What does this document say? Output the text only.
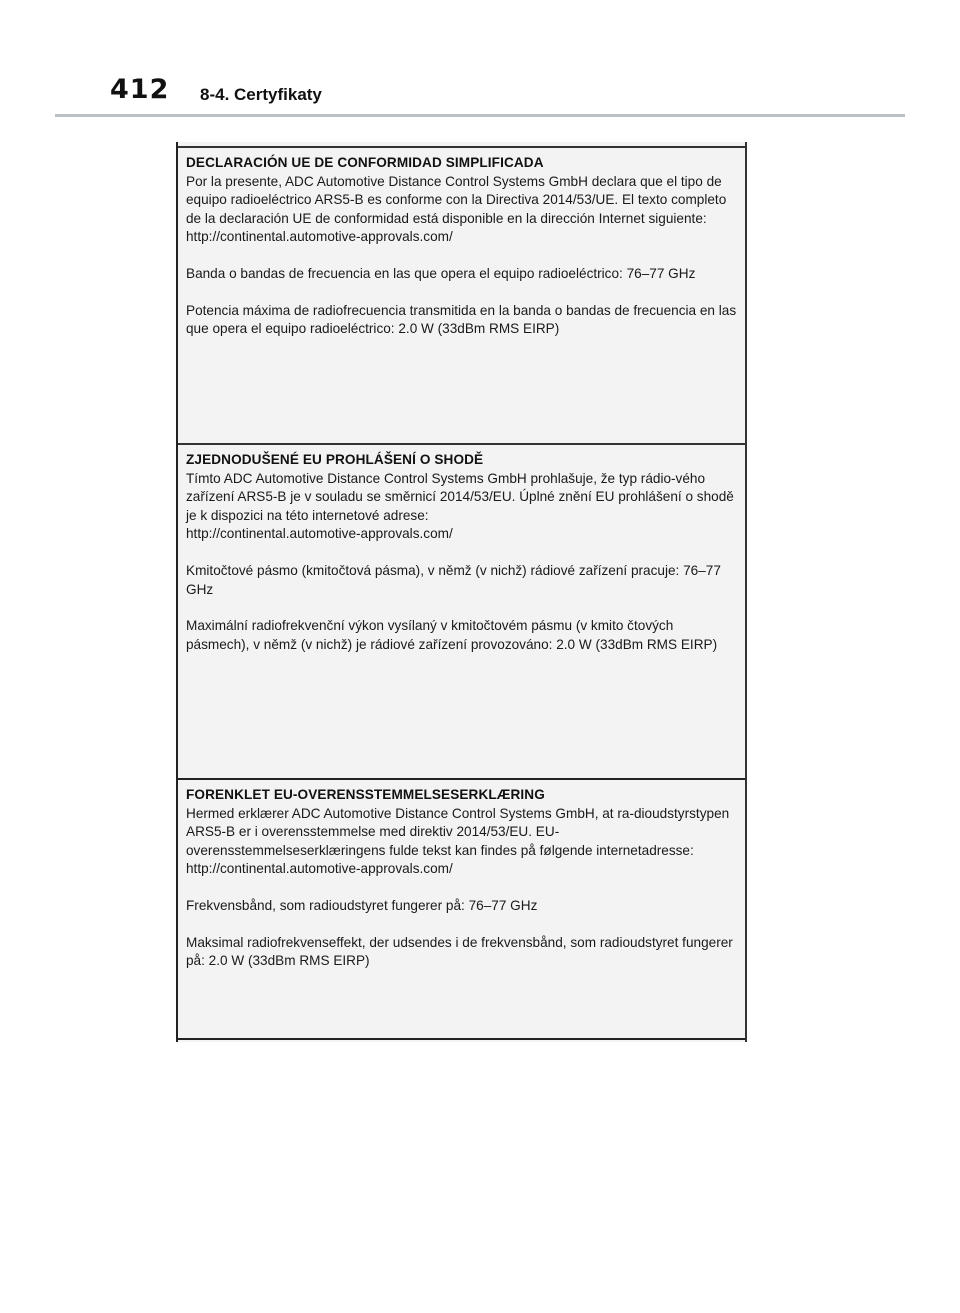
412 8-4. Certyfikaty
DECLARACIÓN UE DE CONFORMIDAD SIMPLIFICADA

Por la presente, ADC Automotive Distance Control Systems GmbH declara que el tipo de equipo radioeléctrico ARS5-B es conforme con la Directiva 2014/53/UE. El texto completo de la declaración UE de conformidad está disponible en la dirección Internet siguiente:

http://continental.automotive-approvals.com/

Banda o bandas de frecuencia en las que opera el equipo radioeléctrico: 76–77 GHz

Potencia máxima de radiofrecuencia transmitida en la banda o bandas de frecuencia en las que opera el equipo radioeléctrico: 2.0 W (33dBm RMS EIRP)

ZJEDNODUŠENÉ EU PROHLÁŠENÍ O SHODĚ

Tímto ADC Automotive Distance Control Systems GmbH prohlašuje, že typ rádio-vého zařízení ARS5-B je v souladu se směrnicí 2014/53/EU. Úplné znění EU prohlášení o shodě je k dispozici na této internetové adrese:

http://continental.automotive-approvals.com/

Kmitočtové pásmo (kmitočtová pásma), v němž (v nichž) rádiové zařízení pracuje: 76–77 GHz

Maximální radiofrekvenční výkon vysílaný v kmitočtovém pásmu (v kmito čtových pásmech), v němž (v nichž) je rádiové zařízení provozováno: 2.0 W (33dBm RMS EIRP)

FORENKLET EU-OVERENSSTEMMELSESERKLÆRING

Hermed erklærer ADC Automotive Distance Control Systems GmbH, at ra-dioudstyrstypen ARS5-B er i overensstemmelse med direktiv 2014/53/EU. EU-overensstemmelseserklæringens fulde tekst kan findes på følgende internetadresse:

http://continental.automotive-approvals.com/

Frekvensbånd, som radioudstyret fungerer på: 76–77 GHz

Maksimal radiofrekvenseffekt, der udsendes i de frekvensbånd, som radioudstyret fungerer på: 2.0 W (33dBm RMS EIRP)
